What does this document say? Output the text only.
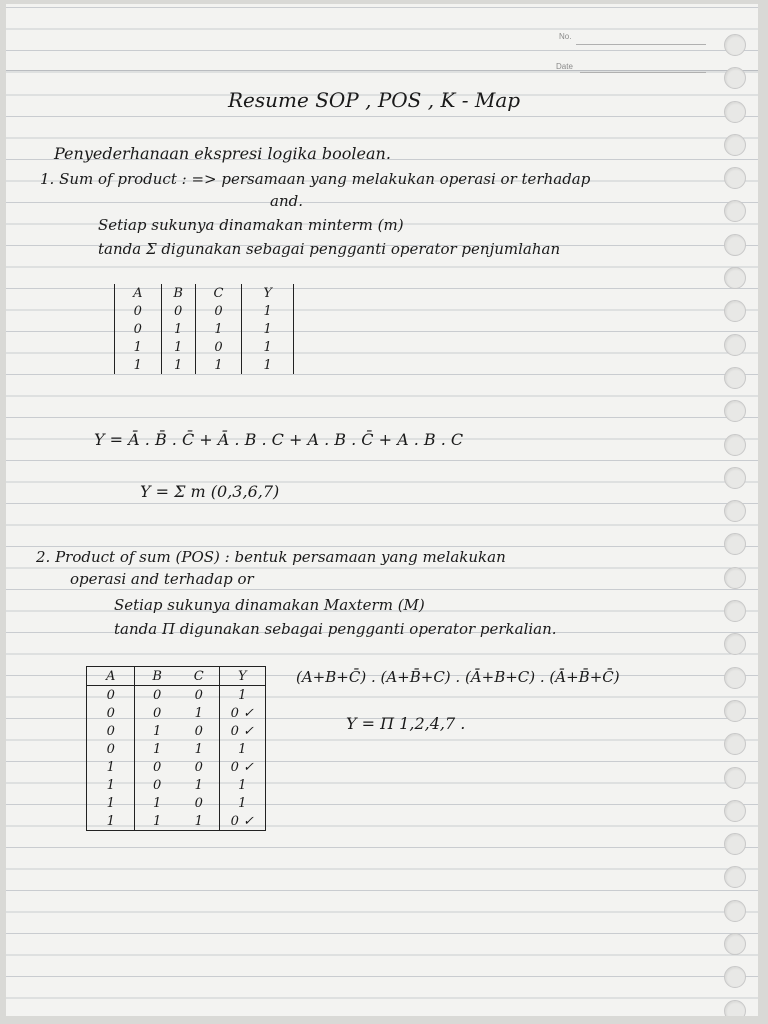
No.
Date
Resume SOP , POS , K - Map
Penyederhanaan ekspresi logika boolean.
1. Sum of product : => persamaan yang melakukan operasi or terhadap
and.
Setiap sukunya dinamakan minterm (m)
tanda Σ digunakan sebagai pengganti operator penjumlahan
A	B	C	Y
0	0	0	1
0	1	1	1
1	1	0	1
1	1	1	1
Y = Ā . B̄ . C̄ + Ā . B . C + A . B . C̄ + A . B . C
Y = Σ m (0,3,6,7)
2. Product of sum (POS) : bentuk persamaan yang melakukan
operasi and terhadap or
Setiap sukunya dinamakan Maxterm (M)
tanda Π digunakan sebagai pengganti operator perkalian.
A	B	C	Y
0	0	0	1
0	0	1	0 ✓
0	1	0	0 ✓
0	1	1	1
1	0	0	0 ✓
1	0	1	1
1	1	0	1
1	1	1	0 ✓
(A+B+C̄) . (A+B̄+C) . (Ā+B+C) . (Ā+B̄+C̄)
Y = Π 1,2,4,7 .
